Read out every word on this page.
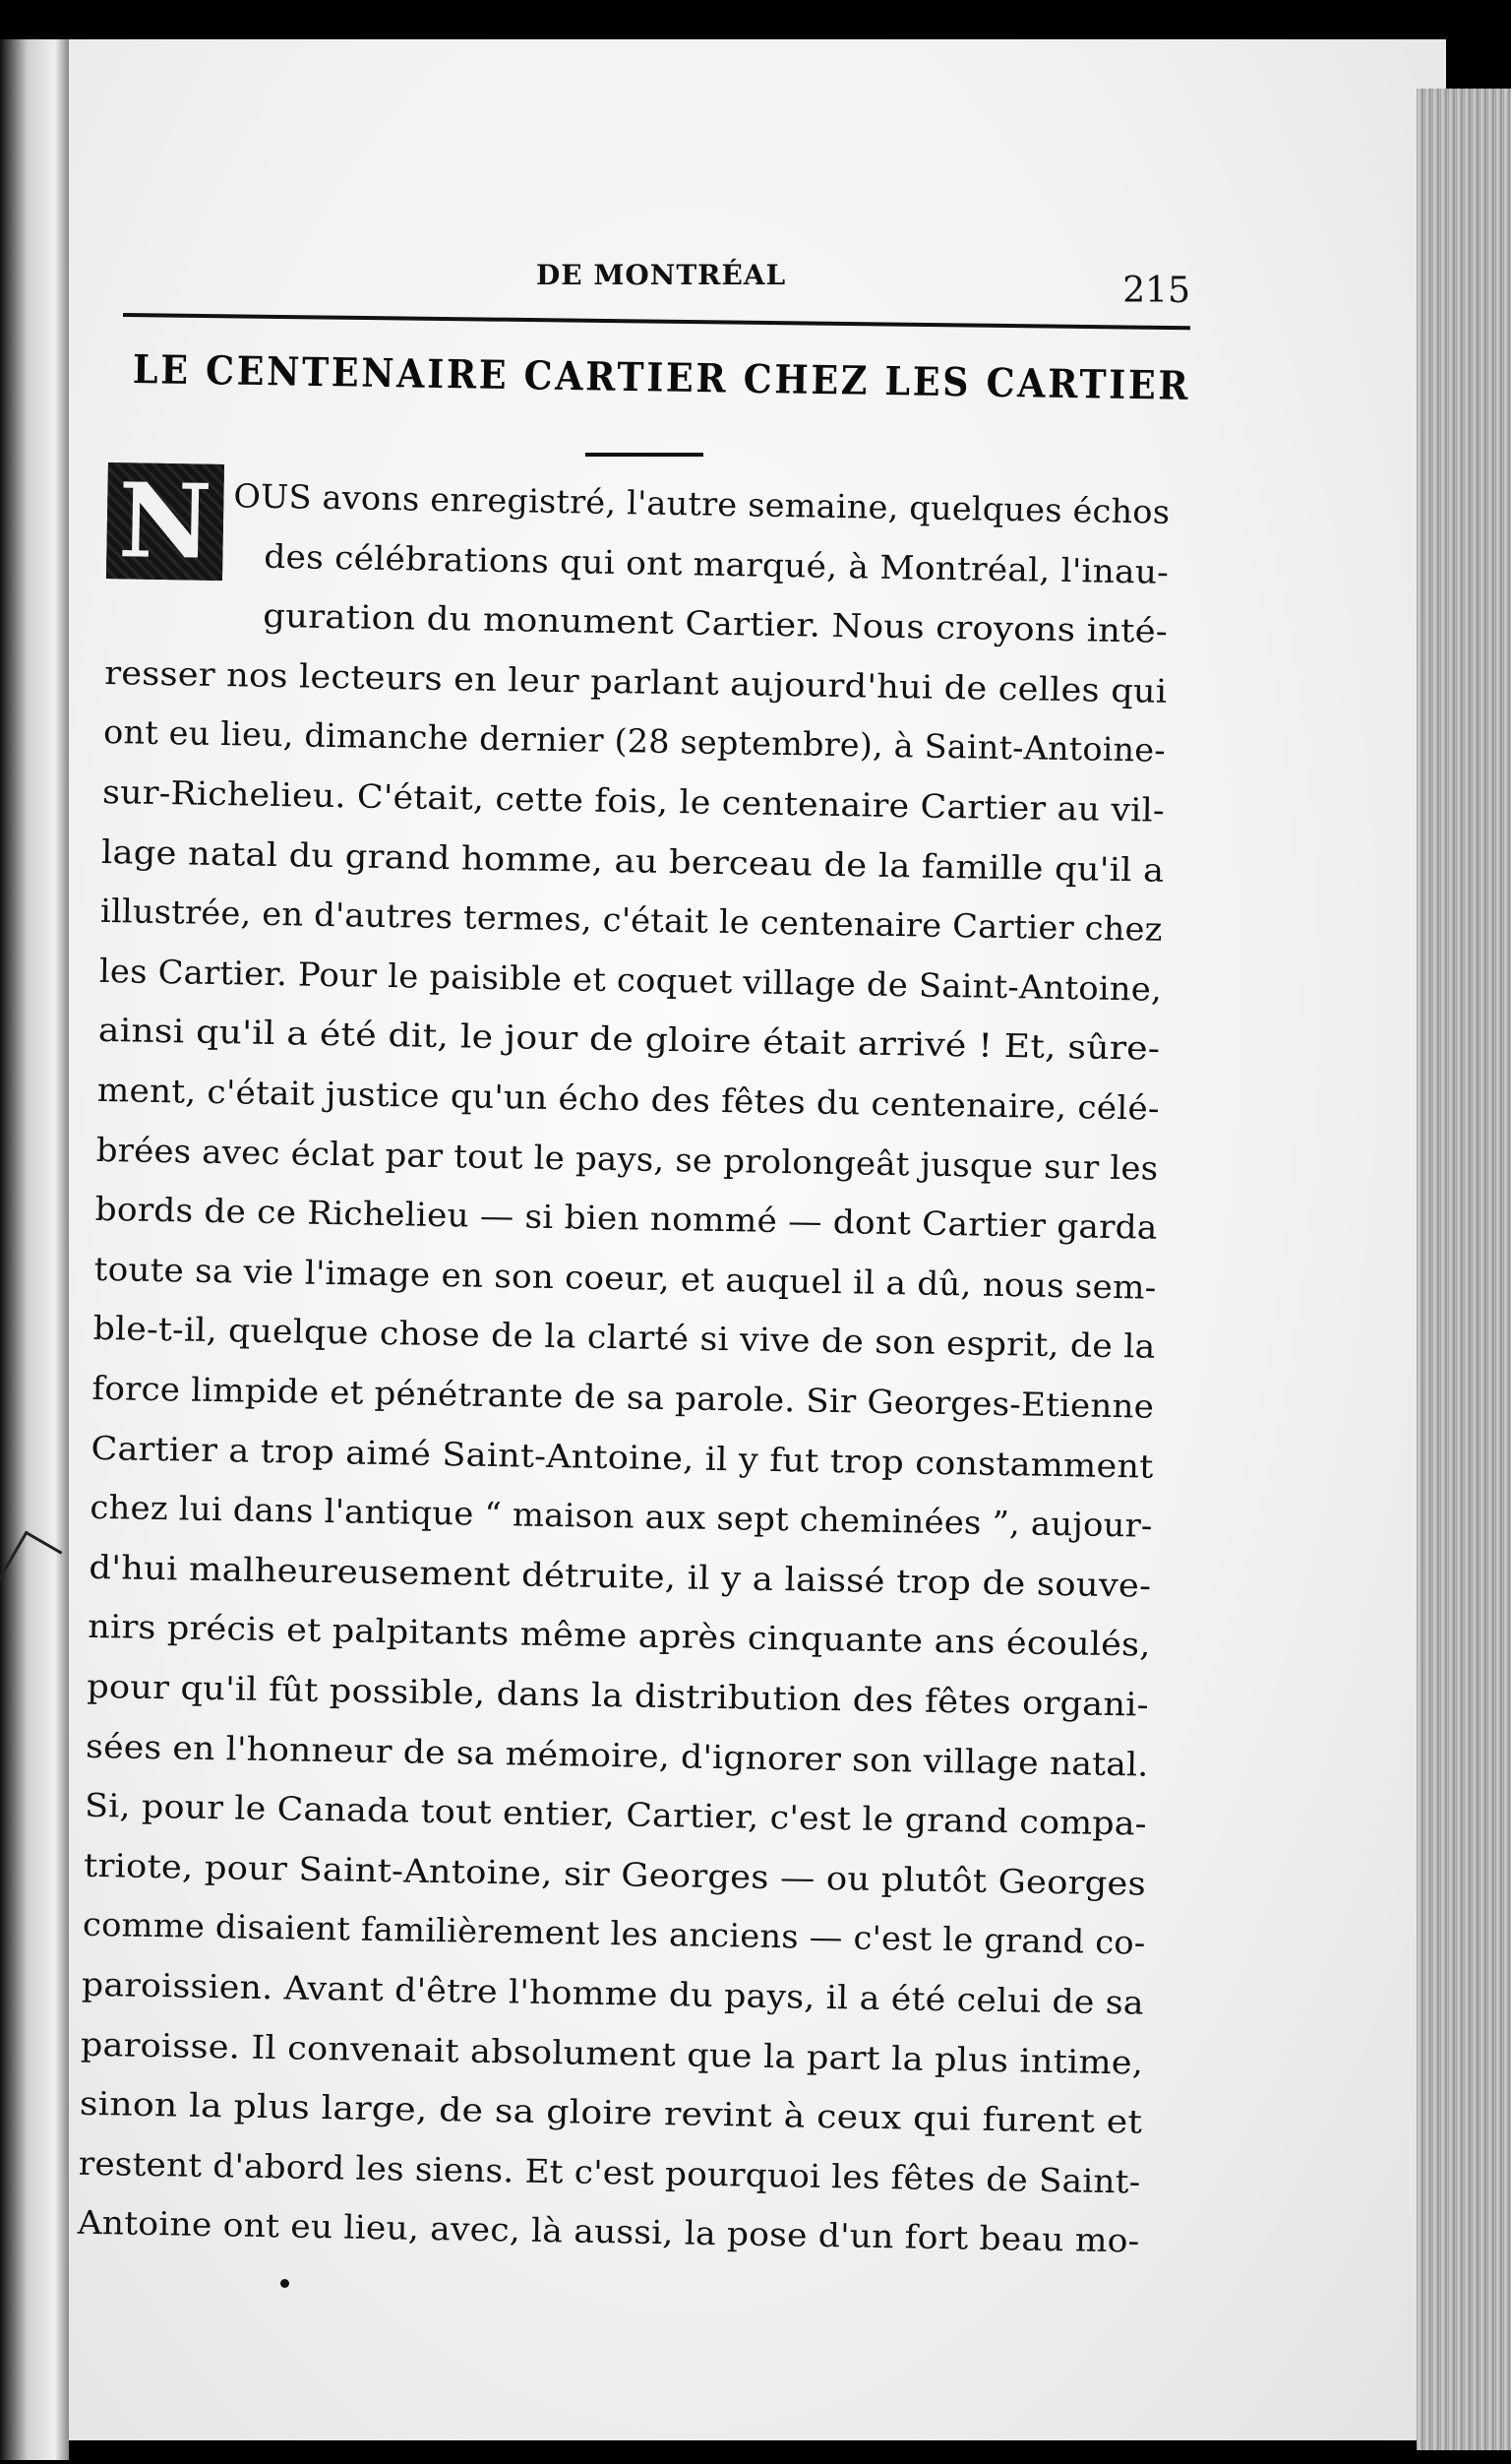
DE MONTRÉAL	215
LE CENTENAIRE CARTIER CHEZ LES CARTIER
N OUS avons enregistré, l'autre semaine, quelques échos
des célébrations qui ont marqué, à Montréal, l'inau-
guration du monument Cartier. Nous croyons inté-
resser nos lecteurs en leur parlant aujourd'hui de celles qui
ont eu lieu, dimanche dernier (28 septembre), à Saint-Antoine-
sur-Richelieu. C'était, cette fois, le centenaire Cartier au vil-
lage natal du grand homme, au berceau de la famille qu'il a
illustrée, en d'autres termes, c'était le centenaire Cartier chez
les Cartier. Pour le paisible et coquet village de Saint-Antoine,
ainsi qu'il a été dit, le jour de gloire était arrivé ! Et, sûre-
ment, c'était justice qu'un écho des fêtes du centenaire, célé-
brées avec éclat par tout le pays, se prolongeât jusque sur les
bords de ce Richelieu — si bien nommé — dont Cartier garda
toute sa vie l'image en son coeur, et auquel il a dû, nous sem-
ble-t-il, quelque chose de la clarté si vive de son esprit, de la
force limpide et pénétrante de sa parole. Sir Georges-Etienne
Cartier a trop aimé Saint-Antoine, il y fut trop constamment
chez lui dans l'antique “ maison aux sept cheminées ”, aujour-
d'hui malheureusement détruite, il y a laissé trop de souve-
nirs précis et palpitants même après cinquante ans écoulés,
pour qu'il fût possible, dans la distribution des fêtes organi-
sées en l'honneur de sa mémoire, d'ignorer son village natal.
Si, pour le Canada tout entier, Cartier, c'est le grand compa-
triote, pour Saint-Antoine, sir Georges — ou plutôt Georges
comme disaient familièrement les anciens — c'est le grand co-
paroissien. Avant d'être l'homme du pays, il a été celui de sa
paroisse. Il convenait absolument que la part la plus intime,
sinon la plus large, de sa gloire revint à ceux qui furent et
restent d'abord les siens. Et c'est pourquoi les fêtes de Saint-
Antoine ont eu lieu, avec, là aussi, la pose d'un fort beau mo-
